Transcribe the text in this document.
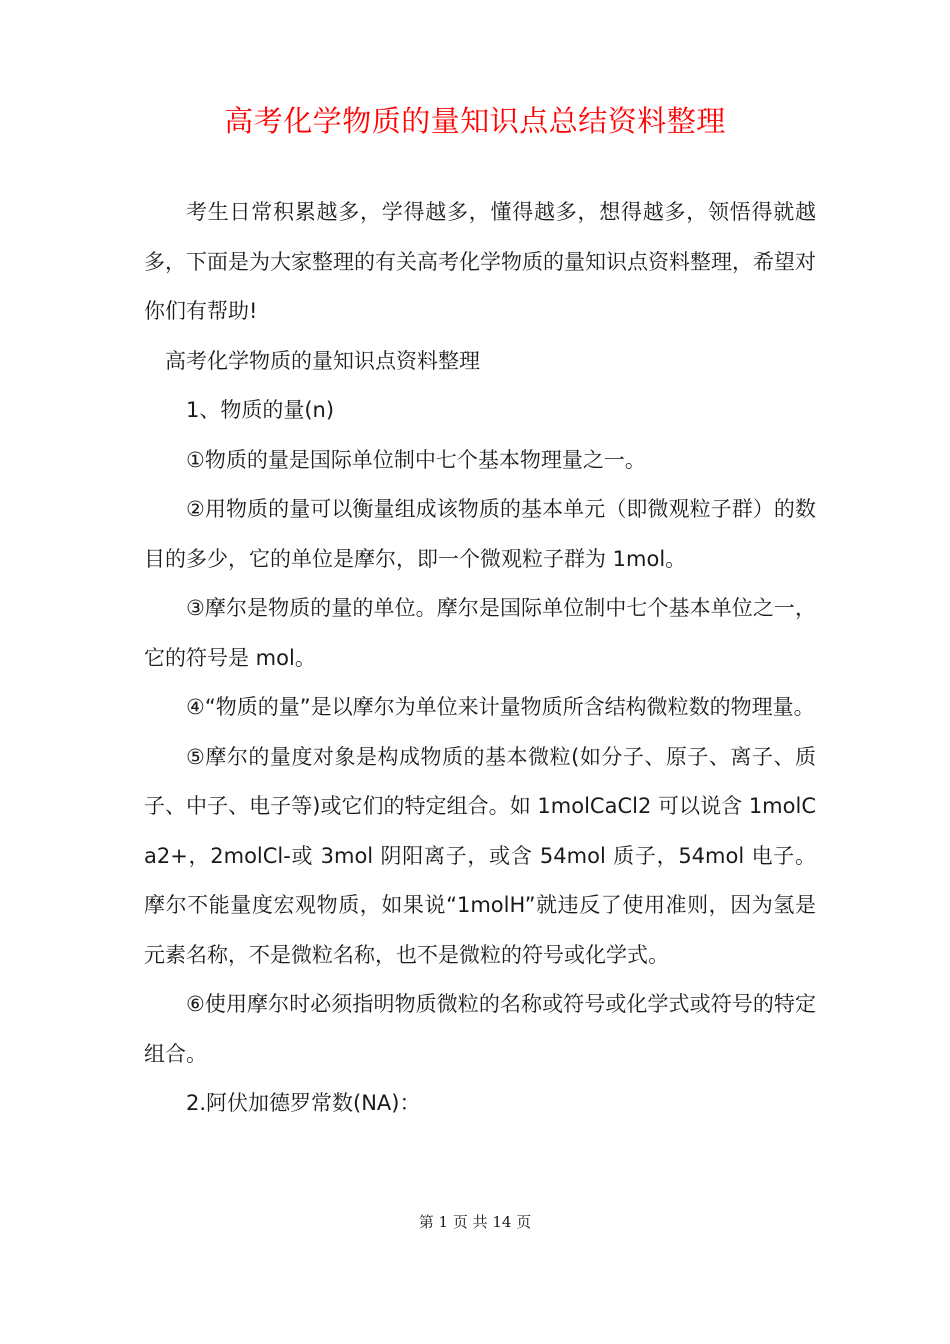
高考化学物质的量知识点总结资料整理

考生日常积累越多，学得越多，懂得越多，想得越多，领悟得就越多，下面是为大家整理的有关高考化学物质的量知识点资料整理，希望对你们有帮助!

高考化学物质的量知识点资料整理

1、物质的量(n)

①物质的量是国际单位制中七个基本物理量之一。

②用物质的量可以衡量组成该物质的基本单元（即微观粒子群）的数目的多少，它的单位是摩尔，即一个微观粒子群为 1mol。

③摩尔是物质的量的单位。摩尔是国际单位制中七个基本单位之一，它的符号是 mol。

④“物质的量”是以摩尔为单位来计量物质所含结构微粒数的物理量。

⑤摩尔的量度对象是构成物质的基本微粒(如分子、原子、离子、质子、中子、电子等)或它们的特定组合。如 1molCaCl2 可以说含 1molCa2+，2molCl-或 3mol 阴阳离子，或含 54mol 质子，54mol 电子。摩尔不能量度宏观物质，如果说“1molH”就违反了使用准则，因为氢是元素名称，不是微粒名称，也不是微粒的符号或化学式。

⑥使用摩尔时必须指明物质微粒的名称或符号或化学式或符号的特定组合。

2.阿伏加德罗常数(NA)：

第 1 页 共 14 页
